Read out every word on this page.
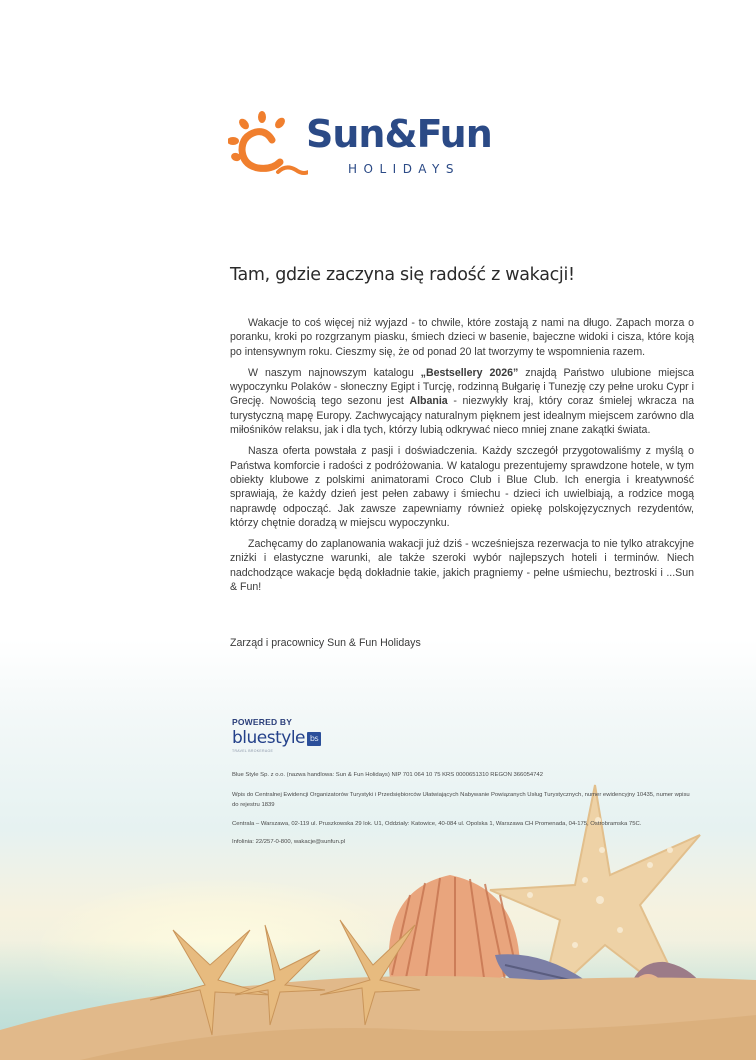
Sun&Fun
HOLIDAYS
Tam, gdzie zaczyna się radość z wakacji!

Wakacje to coś więcej niż wyjazd - to chwile, które zostają z nami na długo. Zapach morza o poranku, kroki po rozgrzanym piasku, śmiech dzieci w basenie, bajeczne widoki i cisza, które koją po intensywnym roku. Cieszmy się, że od ponad 20 lat tworzymy te wspomnienia razem.

W naszym najnowszym katalogu „Bestsellery 2026” znajdą Państwo ulubione miejsca wypoczynku Polaków - słoneczny Egipt i Turcję, rodzinną Bułgarię i Tunezję czy pełne uroku Cypr i Grecję. Nowością tego sezonu jest Albania - niezwykły kraj, który coraz śmielej wkracza na turystyczną mapę Europy. Zachwycający naturalnym pięknem jest idealnym miejscem zarówno dla miłośników relaksu, jak i dla tych, którzy lubią odkrywać nieco mniej znane zakątki świata.

Nasza oferta powstała z pasji i doświadczenia. Każdy szczegół przygotowaliśmy z myślą o Państwa komforcie i radości z podróżowania. W katalogu prezentujemy sprawdzone hotele, w tym obiekty klubowe z polskimi animatorami Croco Club i Blue Club. Ich energia i kreatywność sprawiają, że każdy dzień jest pełen zabawy i śmiechu - dzieci ich uwielbiają, a rodzice mogą naprawdę odpocząć. Jak zawsze zapewniamy również opiekę polskojęzycznych rezydentów, którzy chętnie doradzą w miejscu wypoczynku.

Zachęcamy do zaplanowania wakacji już dziś - wcześniejsza rezerwacja to nie tylko atrakcyjne zniżki i elastyczne warunki, ale także szeroki wybór najlepszych hoteli i terminów. Niech nadchodzące wakacje będą dokładnie takie, jakich pragniemy - pełne uśmiechu, beztroski i ...Sun & Fun!

Zarząd i pracownicy Sun & Fun Holidays
POWERED BY
bluestyle bs
TRAVEL BROKERAGE
Blue Style Sp. z o.o. (nazwa handlowa: Sun & Fun Holidays) NIP 701 064 10 75 KRS 0000651310 REGON 366054742
Wpis do Centralnej Ewidencji Organizatorów Turystyki i Przedsiębiorców Ułatwiających Nabywanie Powiązanych Usług Turystycznych, numer ewidencyjny 10435, numer wpisu do rejestru 1839
Centrala – Warszawa, 02-119 ul. Pruszkowska 29 lok. U1, Oddziały: Katowice, 40-084 ul. Opolska 1, Warszawa CH Promenada, 04-175, Ostrobramska 75C.
Infolinia: 22/257-0-800, wakacje@sunfun.pl
